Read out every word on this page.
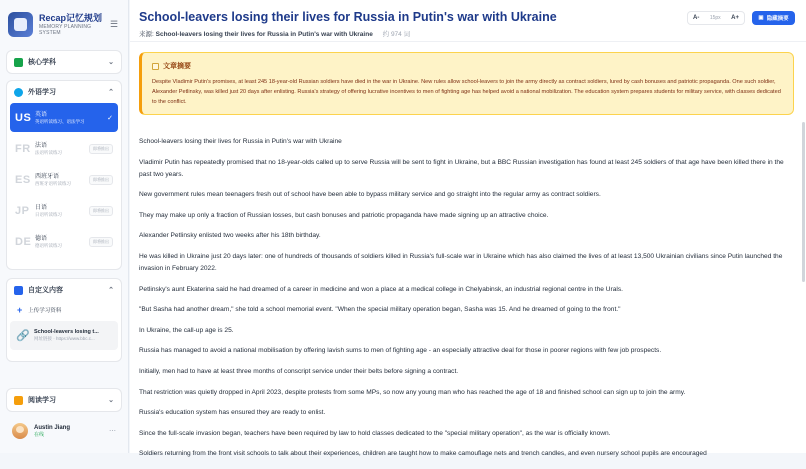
Recap记忆规划
MEMORY PLANNING SYSTEM
☰
核心学科	⌄
外语学习	⌃
US 英语
英语听读练习、语法学习	✓
FR 法语
法语听读练习
即将推出
ES 西班牙语
西班牙语听读练习
即将推出
JP 日语
日语听读练习
即将推出
DE 德语
德语听读练习
即将推出
自定义内容	⌃
+ 上传学习资料
🔗 School-leavers losing t...
网址链接 · https://www.bbc.c...
阅读学习	⌄
Austin Jiang
在线	⋯
School-leavers losing their lives for Russia in Putin's war with Ukraine
来源: School-leavers losing their lives for Russia in Putin's war with Ukraine 约 974 词
A- 15px A+	▣ 隐藏摘要
文章摘要
Despite Vladimir Putin's promises, at least 245 18-year-old Russian soldiers have died in the war in Ukraine. New rules allow school-leavers to join the army directly as contract soldiers, lured by cash bonuses and patriotic propaganda. One such soldier, Alexander Petlinsky, was killed just 20 days after enlisting. Russia's strategy of offering lucrative incentives to men of fighting age has helped avoid a national mobilization. The education system prepares students for military service, with classes dedicated to the conflict.

School-leavers losing their lives for Russia in Putin's war with Ukraine

Vladimir Putin has repeatedly promised that no 18-year-olds called up to serve Russia will be sent to fight in Ukraine, but a BBC Russian investigation has found at least 245 soldiers of that age have been killed there in the past two years.

New government rules mean teenagers fresh out of school have been able to bypass military service and go straight into the regular army as contract soldiers.

They may make up only a fraction of Russian losses, but cash bonuses and patriotic propaganda have made signing up an attractive choice.

Alexander Petlinsky enlisted two weeks after his 18th birthday.

He was killed in Ukraine just 20 days later: one of hundreds of thousands of soldiers killed in Russia's full-scale war in Ukraine which has also claimed the lives of at least 13,500 Ukrainian civilians since Putin launched the invasion in February 2022.

Petlinsky's aunt Ekaterina said he had dreamed of a career in medicine and won a place at a medical college in Chelyabinsk, an industrial regional centre in the Urals.

"But Sasha had another dream," she told a school memorial event. "When the special military operation began, Sasha was 15. And he dreamed of going to the front."

In Ukraine, the call-up age is 25.

Russia has managed to avoid a national mobilisation by offering lavish sums to men of fighting age - an especially attractive deal for those in poorer regions with few job prospects.

Initially, men had to have at least three months of conscript service under their belts before signing a contract.

That restriction was quietly dropped in April 2023, despite protests from some MPs, so now any young man who has reached the age of 18 and finished school can sign up to join the army.

Russia's education system has ensured they are ready to enlist.

Since the full-scale invasion began, teachers have been required by law to hold classes dedicated to the "special military operation", as the war is officially known.

Soldiers returning from the front visit schools to talk about their experiences, children are taught how to make camouflage nets and trench candles, and even nursery school pupils are encouraged
